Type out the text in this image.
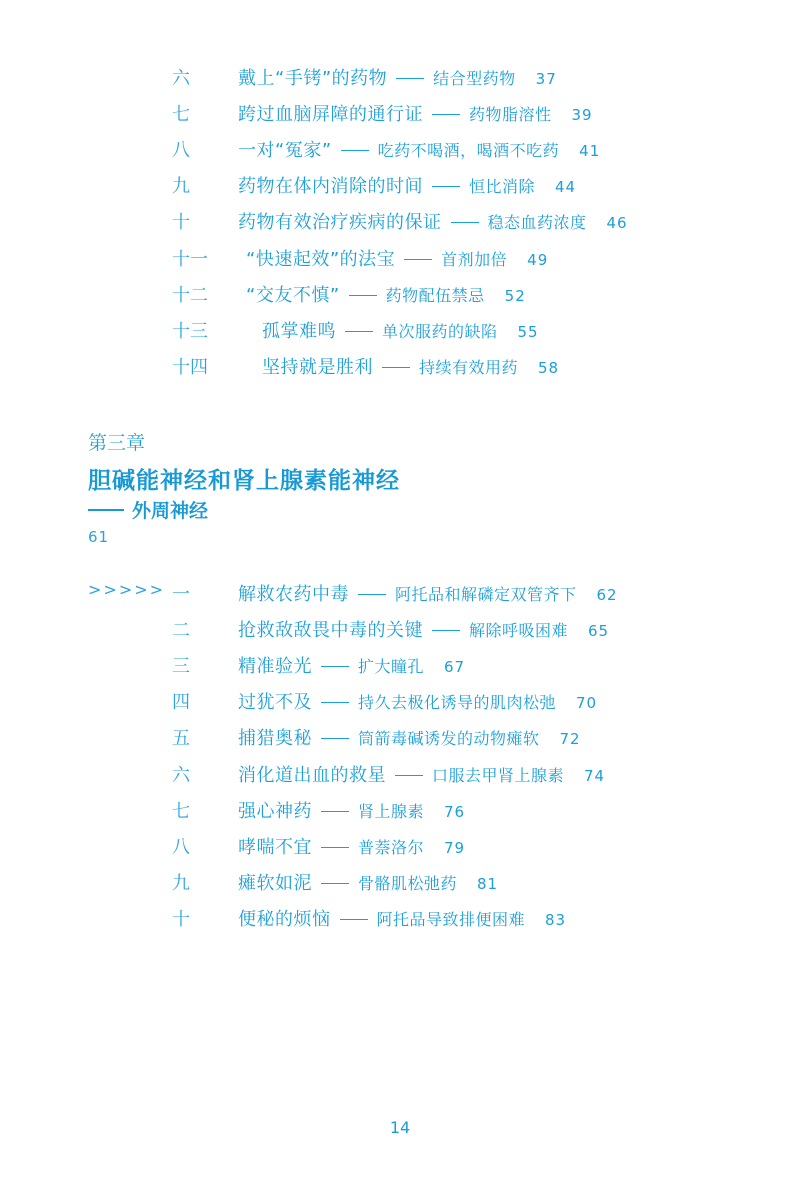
六	戴上“手铐”的药物	结合型药物 37
七	跨过血脑屏障的通行证	药物脂溶性 39
八	一对“冤家”	吃药不喝酒，喝酒不吃药 41
九	药物在体内消除的时间	恒比消除 44
十	药物有效治疗疾病的保证	稳态血药浓度 46
十一 “快速起效”的法宝	首剂加倍 49
十二 “交友不慎”	药物配伍禁忌 52
十三	孤掌难鸣	单次服药的缺陷 55
十四	坚持就是胜利	持续有效用药 58
第三章
胆碱能神经和肾上腺素能神经
外周神经
61
>>>>> 一	解救农药中毒	阿托品和解磷定双管齐下 62
二	抢救敌敌畏中毒的关键	解除呼吸困难 65
三	精准验光	扩大瞳孔 67
四	过犹不及	持久去极化诱导的肌肉松弛 70
五	捕猎奥秘	筒箭毒碱诱发的动物瘫软 72
六	消化道出血的救星	口服去甲肾上腺素 74
七	强心神药	肾上腺素 76
八	哮喘不宜	普萘洛尔 79
九	瘫软如泥	骨骼肌松弛药 81
十	便秘的烦恼	阿托品导致排便困难 83
14
